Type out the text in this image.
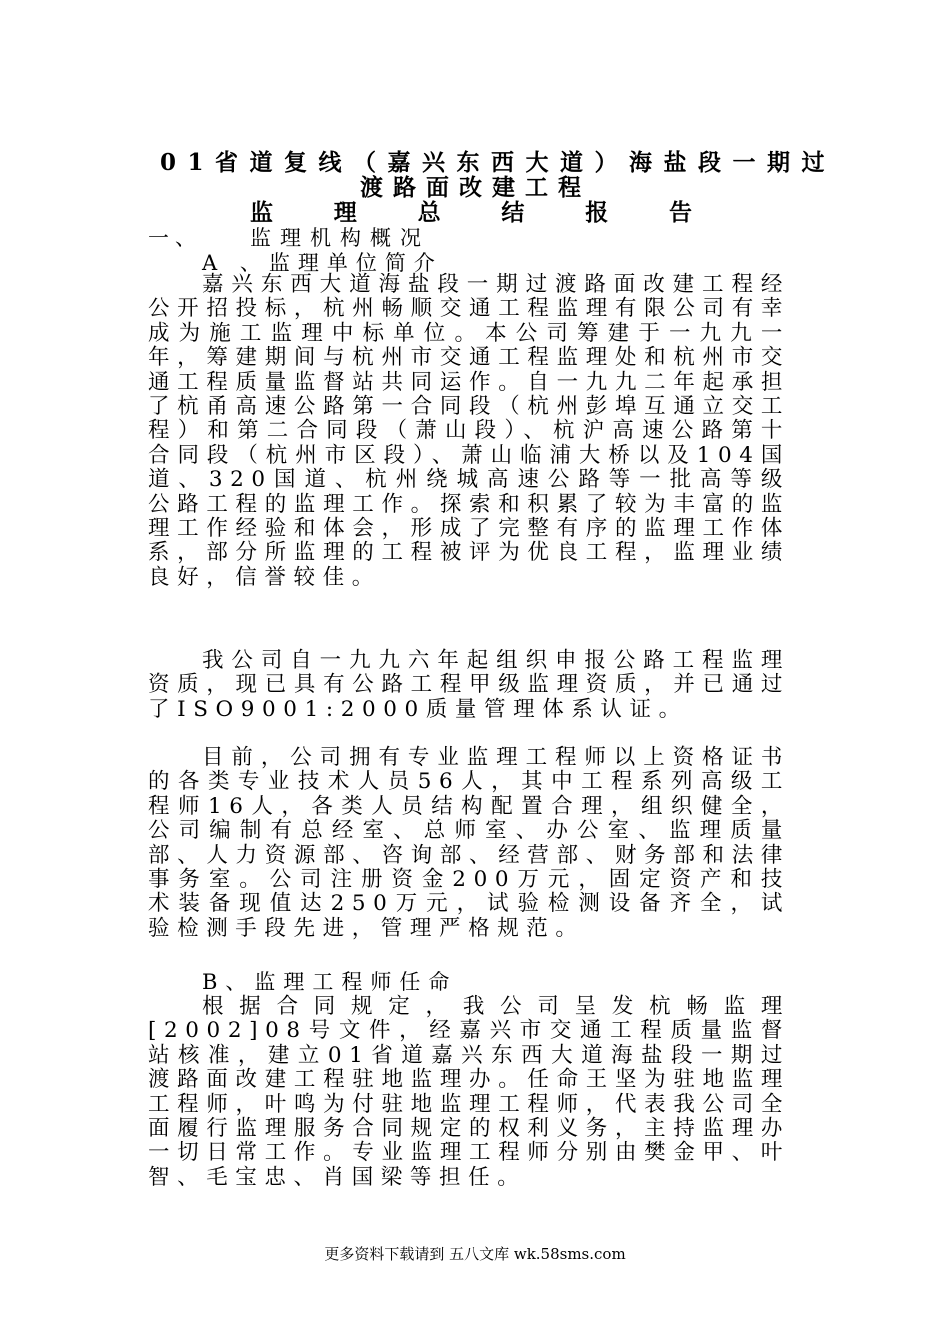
01省道复线（嘉兴东西大道）海盐段一期过
渡路面改建工程
监	理	总	结	报	告
一、 监理机构概况
A 、监理单位简介

嘉兴东西大道海盐段一期过渡路面改建工程经公开招投标，杭州畅顺交通工程监理有限公司有幸成为施工监理中标单位。本公司筹建于一九九一年，筹建期间与杭州市交通工程监理处和杭州市交通工程质量监督站共同运作。自一九九二年起承担了杭甬高速公路第一合同段（杭州彭埠互通立交工程）和第二合同段（萧山段）、杭沪高速公路第十合同段（杭州市区段）、萧山临浦大桥以及104国道、320国道、杭州绕城高速公路等一批高等级公路工程的监理工作。探索和积累了较为丰富的监理工作经验和体会，形成了完整有序的监理工作体系，部分所监理的工程被评为优良工程，监理业绩良好，信誉较佳。

我公司自一九九六年起组织申报公路工程监理资质，现已具有公路工程甲级监理资质，并已通过了ISO9001:2000质量管理体系认证。

目前，公司拥有专业监理工程师以上资格证书的各类专业技术人员56人，其中工程系列高级工程师16人，各类人员结构配置合理，组织健全，公司编制有总经室、总师室、办公室、监理质量部、人力资源部、咨询部、经营部、财务部和法律事务室。公司注册资金200万元，固定资产和技术装备现值达250万元，试验检测设备齐全，试验检测手段先进，管理严格规范。

B、监理工程师任命

根据合同规定，我公司呈发杭畅监理[2002]08号文件，经嘉兴市交通工程质量监督站核准，建立01省道嘉兴东西大道海盐段一期过渡路面改建工程驻地监理办。任命王坚为驻地监理工程师，叶鸣为付驻地监理工程师，代表我公司全面履行监理服务合同规定的权利义务，主持监理办一切日常工作。专业监理工程师分别由樊金甲、叶智、毛宝忠、肖国梁等担任。

更多资料下载请到 五八文库 wk.58sms.com
